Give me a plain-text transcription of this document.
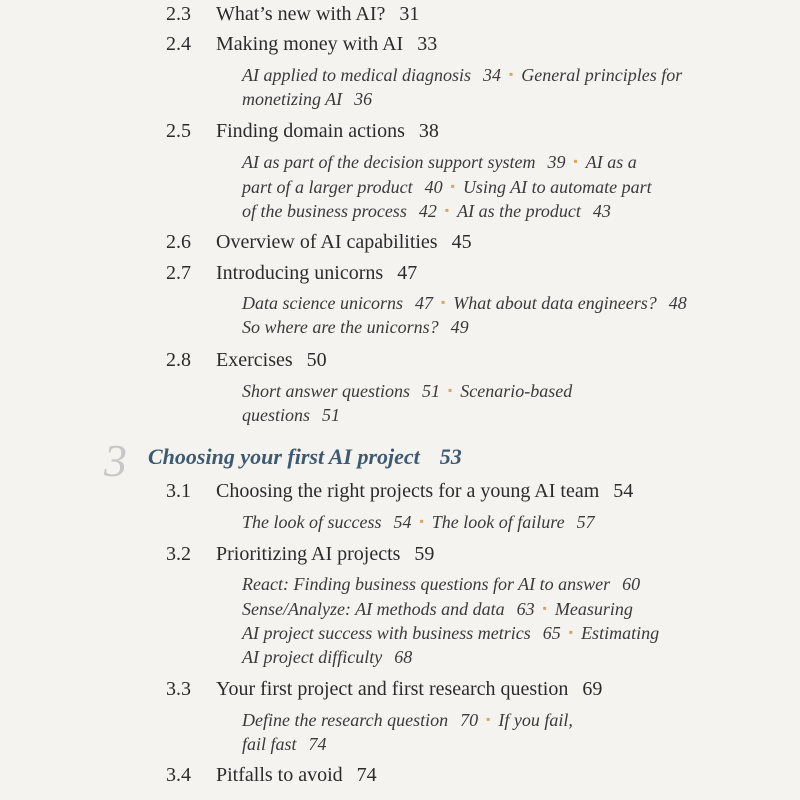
2.3 What’s new with AI? 31
2.4 Making money with AI 33
AI applied to medical diagnosis 34 ▪ General principles for
monetizing AI 36
2.5 Finding domain actions 38
AI as part of the decision support system 39 ▪ AI as a
part of a larger product 40 ▪ Using AI to automate part
of the business process 42 ▪ AI as the product 43
2.6 Overview of AI capabilities 45
2.7 Introducing unicorns 47
Data science unicorns 47 ▪ What about data engineers? 48
So where are the unicorns? 49
2.8 Exercises 50
Short answer questions 51 ▪ Scenario-based
questions 51
3 Choosing your first AI project 53
3.1 Choosing the right projects for a young AI team 54
The look of success 54 ▪ The look of failure 57
3.2 Prioritizing AI projects 59
React: Finding business questions for AI to answer 60
Sense/Analyze: AI methods and data 63 ▪ Measuring
AI project success with business metrics 65 ▪ Estimating
AI project difficulty 68
3.3 Your first project and first research question 69
Define the research question 70 ▪ If you fail,
fail fast 74
3.4 Pitfalls to avoid 74
